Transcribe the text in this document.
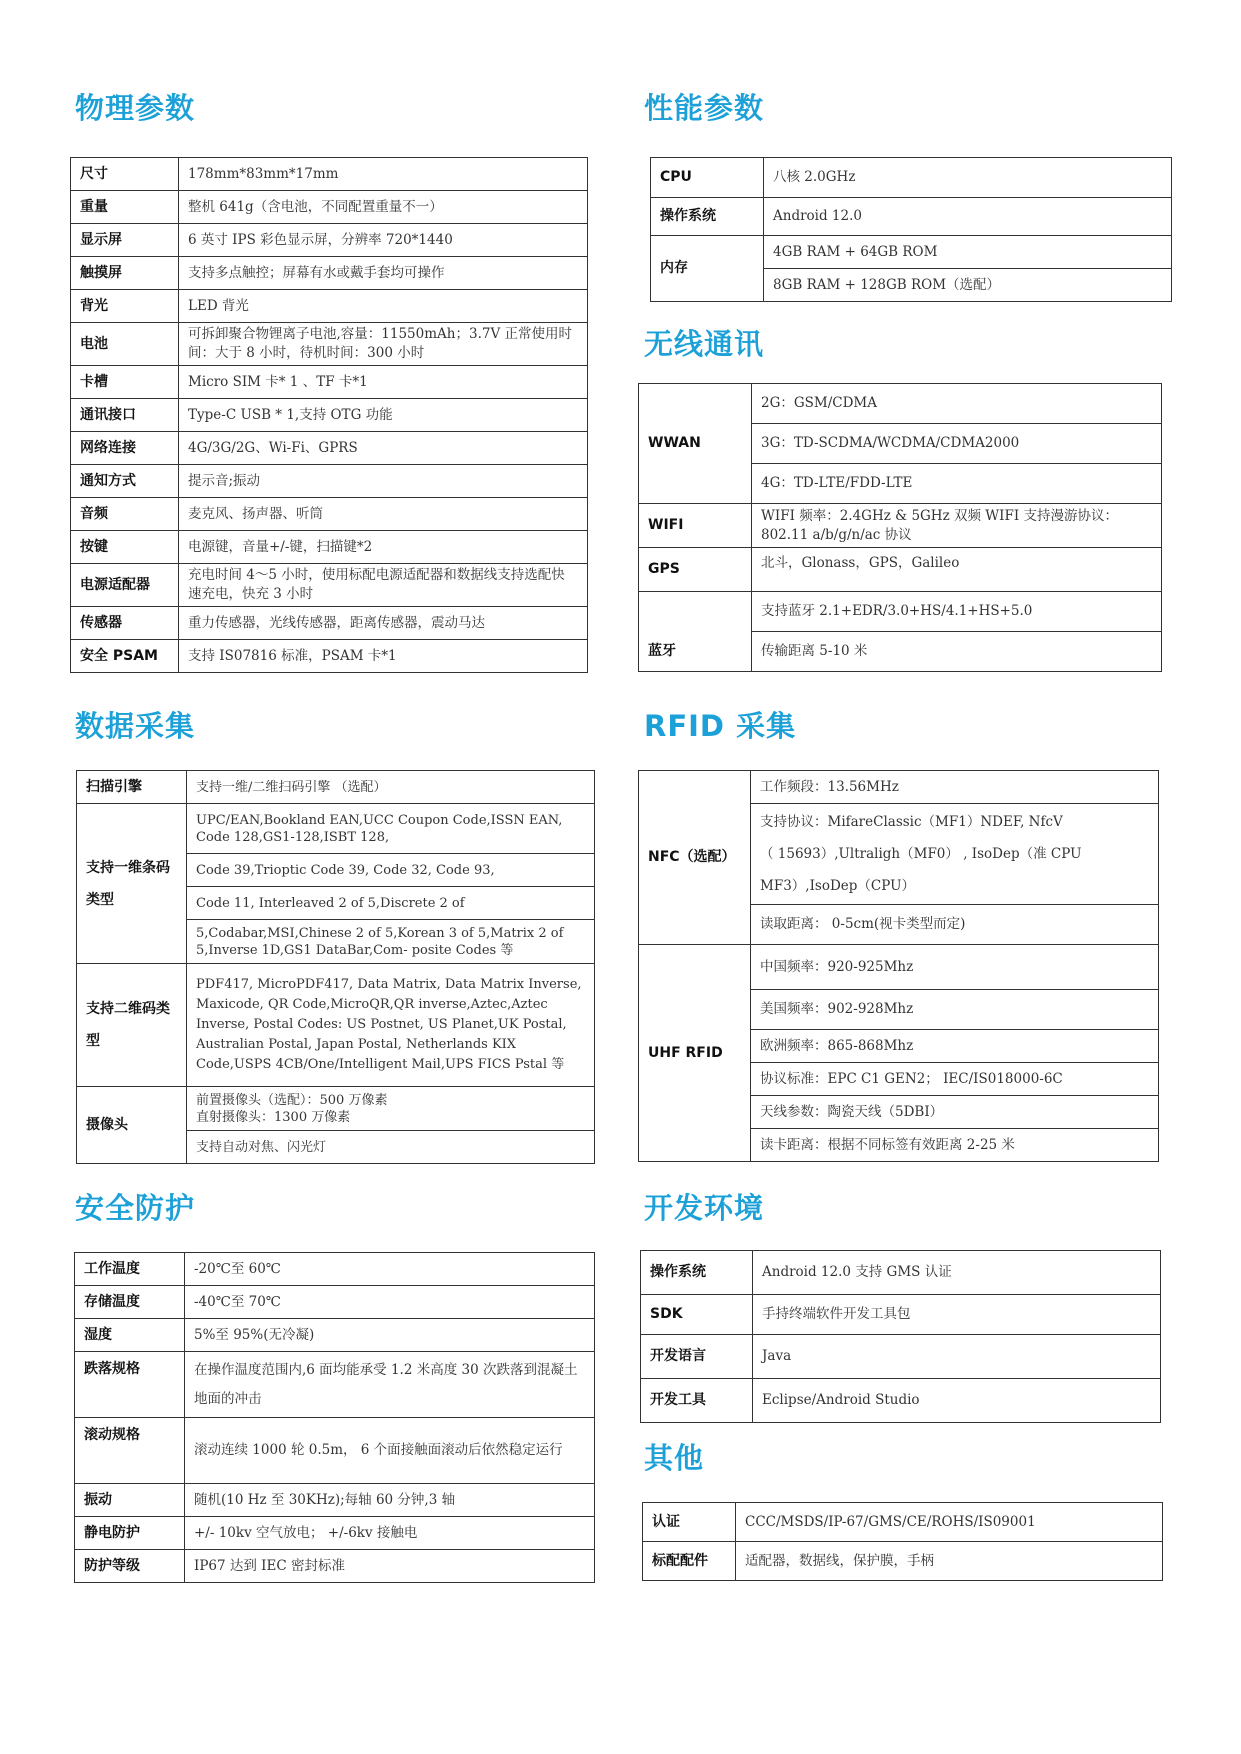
物理参数
尺寸	178mm*83mm*17mm
重量	整机 641g（含电池，不同配置重量不一）
显示屏	6 英寸 IPS 彩色显示屏，分辨率 720*1440
触摸屏	支持多点触控；屏幕有水或戴手套均可操作
背光	LED 背光
电池	可拆卸聚合物锂离子电池,容量：11550mAh；3.7V 正常使用时间：大于 8 小时，待机时间：300 小时
卡槽	Micro SIM 卡* 1 、TF 卡*1
通讯接口	Type-C USB * 1,支持 OTG 功能
网络连接	4G/3G/2G、Wi-Fi、GPRS
通知方式	提示音;振动
音频	麦克风、扬声器、听筒
按键	电源键，音量+/-键，扫描键*2
电源适配器	充电时间 4～5 小时，使用标配电源适配器和数据线支持选配快速充电，快充 3 小时
传感器	重力传感器，光线传感器，距离传感器，震动马达
安全 PSAM	支持 IS07816 标准，PSAM 卡*1
数据采集
扫描引擎	支持一维/二维扫码引擎 （选配）
支持一维条码类型	UPC/EAN,Bookland EAN,UCC Coupon Code,ISSN EAN, Code 128,GS1-128,ISBT 128,
	Code 39,Trioptic Code 39, Code 32, Code 93,
	Code 11, Interleaved 2 of 5,Discrete 2 of
	5,Codabar,MSI,Chinese 2 of 5,Korean 3 of 5,Matrix 2 of 5,Inverse 1D,GS1 DataBar,Com- posite Codes 等
支持二维码类型	PDF417, MicroPDF417, Data Matrix, Data Matrix Inverse, Maxicode, QR Code,MicroQR,QR inverse,Aztec,Aztec Inverse, Postal Codes: US Postnet, US Planet,UK Postal, Australian Postal, Japan Postal, Netherlands KIX Code,USPS 4CB/One/Intelligent Mail,UPS FICS Pstal 等
摄像头	前置摄像头（选配）：500 万像素
直射摄像头：1300 万像素

	支持自动对焦、闪光灯
安全防护
工作温度	-20℃至 60℃
存储温度	-40℃至 70℃
湿度	5%至 95%(无冷凝)
跌落规格	在操作温度范围内,6 面均能承受 1.2 米高度 30 次跌落到混凝土地面的冲击
滚动规格	滚动连续 1000 轮 0.5m， 6 个面接触面滚动后依然稳定运行
振动	随机(10 Hz 至 30KHz);每轴 60 分钟,3 轴
静电防护	+/- 10kv 空气放电； +/-6kv 接触电
防护等级	IP67 达到 IEC 密封标准
性能参数
CPU	八核 2.0GHz
操作系统	Android 12.0
内存	4GB RAM + 64GB ROM
	8GB RAM + 128GB ROM（选配）
无线通讯
WWAN	2G：GSM/CDMA
	3G：TD-SCDMA/WCDMA/CDMA2000
	4G：TD-LTE/FDD-LTE
WIFI	WIFI 频率：2.4GHz & 5GHz 双频 WIFI 支持漫游协议：802.11 a/b/g/n/ac 协议
GPS	北斗，Glonass，GPS，Galileo
蓝牙	支持蓝牙 2.1+EDR/3.0+HS/4.1+HS+5.0
	传输距离 5-10 米
RFID 采集
NFC（选配）	工作频段：13.56MHz

	支持协议：MifareClassic（MF1）NDEF, NfcV
（ 15693）,Ultraligh（MF0） , IsoDep（准 CPU
MF3）,IsoDep（CPU）

	读取距离： 0-5cm(视卡类型而定)
UHF RFID	中国频率：920-925Mhz
	美国频率：902-928Mhz
	欧洲频率：865-868Mhz
	协议标准：EPC C1 GEN2； IEC/IS018000-6C
	天线参数：陶瓷天线（5DBI）
	读卡距离：根据不同标签有效距离 2-25 米
开发环境
操作系统	Android 12.0 支持 GMS 认证
SDK	手持终端软件开发工具包
开发语言	Java
开发工具	Eclipse/Android Studio
其他
认证	CCC/MSDS/IP-67/GMS/CE/ROHS/IS09001
标配配件	适配器，数据线，保护膜，手柄
